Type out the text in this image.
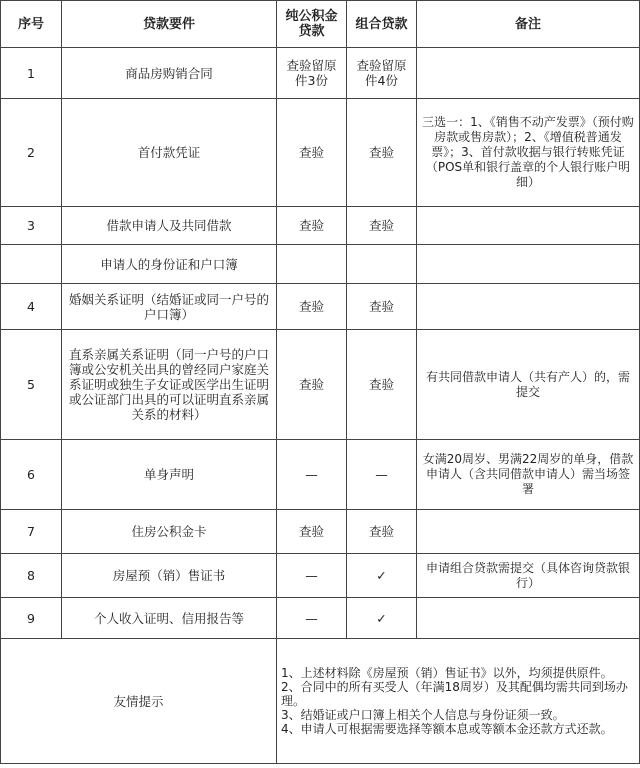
序号	贷款要件	纯公积金贷款	组合贷款	备注
1	商品房购销合同	查验留原件3份	查验留原件4份	
2	首付款凭证	查验	查验	三选一：1、《销售不动产发票》（预付购房款或售房款）；2、《增值税普通发票》；3、首付款收据与银行转账凭证（POS单和银行盖章的个人银行账户明细）
3	借款申请人及共同借款	查验	查验	
	申请人的身份证和户口簿			
4	婚姻关系证明（结婚证或同一户号的户口簿）	查验	查验	
5	直系亲属关系证明（同一户号的户口簿或公安机关出具的曾经同户家庭关系证明或独生子女证或医学出生证明或公证部门出具的可以证明直系亲属关系的材料）	查验	查验	有共同借款申请人（共有产人）的，需提交
6	单身声明	—	—	女满20周岁、男满22周岁的单身，借款申请人（含共同借款申请人）需当场签署
7	住房公积金卡	查验	查验	
8	房屋预（销）售证书	—	✓	申请组合贷款需提交（具体咨询贷款银行）
9	个人收入证明、信用报告等	—	✓	
友情提示		1、上述材料除《房屋预（销）售证书》以外，均须提供原件。
2、合同中的所有买受人（年满18周岁）及其配偶均需共同到场办理。
3、结婚证或户口簿上相关个人信息与身份证须一致。
4、申请人可根据需要选择等额本息或等额本金还款方式还款。		
